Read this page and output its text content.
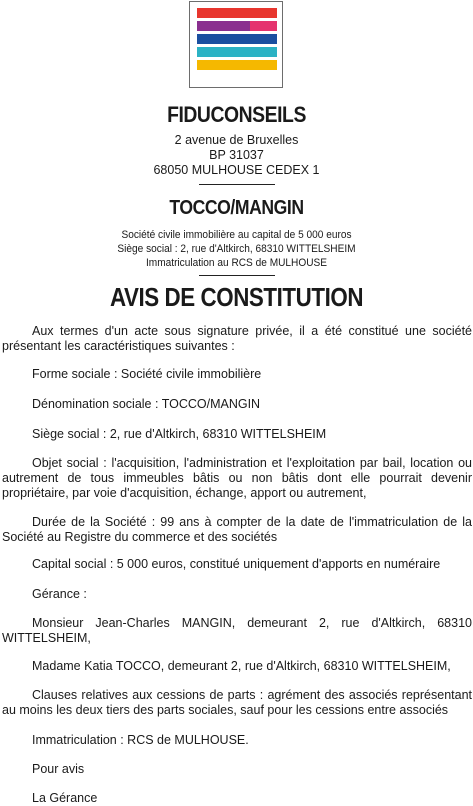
FIDUCONSEILS
2 avenue de Bruxelles
BP 31037
68050 MULHOUSE CEDEX 1
TOCCO/MANGIN
Société civile immobilière au capital de 5 000 euros
Siège social : 2, rue d'Altkirch, 68310 WITTELSHEIM
Immatriculation au RCS de MULHOUSE
AVIS DE CONSTITUTION

Aux termes d'un acte sous signature privée, il a été constitué une société présentant les caractéristiques suivantes :

Forme sociale : Société civile immobilière

Dénomination sociale : TOCCO/MANGIN

Siège social : 2, rue d'Altkirch, 68310 WITTELSHEIM

Objet social : l'acquisition, l'administration et l'exploitation par bail, location ou autrement de tous immeubles bâtis ou non bâtis dont elle pourrait devenir propriétaire, par voie d'acquisition, échange, apport ou autrement,

Durée de la Société : 99 ans à compter de la date de l'immatriculation de la Société au Registre du commerce et des sociétés

Capital social : 5 000 euros, constitué uniquement d'apports en numéraire

Gérance :

Monsieur Jean-Charles MANGIN, demeurant 2, rue d'Altkirch, 68310 WITTELSHEIM,

Madame Katia TOCCO, demeurant 2, rue d'Altkirch, 68310 WITTELSHEIM,

Clauses relatives aux cessions de parts : agrément des associés représentant au moins les deux tiers des parts sociales, sauf pour les cessions entre associés

Immatriculation : RCS de MULHOUSE.

Pour avis

La Gérance
